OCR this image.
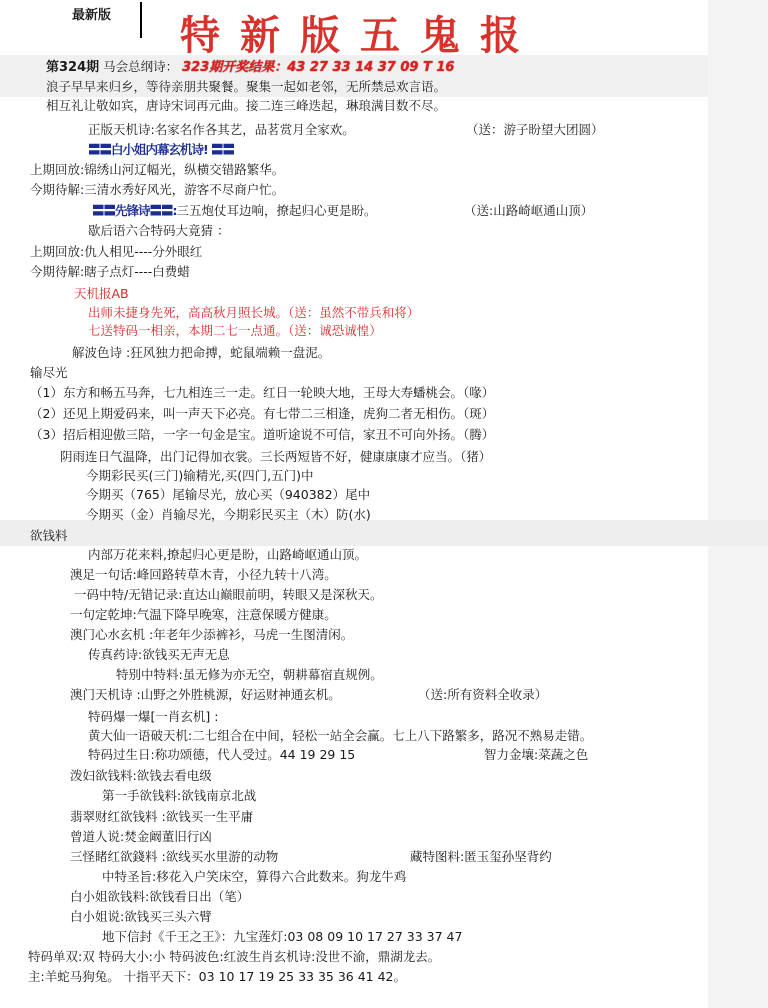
最新版	特新版五鬼报
第324期 马会总纲诗： 323期开奖结果：43 27 33 14 37 09 T 16
浪子早早来归乡，等待亲朋共聚餐。聚集一起如老邻，无所禁忌欢言语。
相互礼让敬如宾，唐诗宋词再元曲。接二连三峰迭起，琳琅满目数不尽。
正版天机诗:名家名作各其艺，品茗赏月全家欢。	（送：游子盼望大团圆）
〓〓白小姐内幕玄机诗! 〓〓
上期回放:锦绣山河辽幅光，纵横交错路繁华。
今期待解:三清水秀好风光，游客不尽商户忙。
〓〓先锋诗〓〓:三五炮仗耳边响，撩起归心更是盼。	（送:山路崎岖通山顶）
歇后语六合特码大竟猜 ：
上期回放:仇人相见----分外眼红
今期待解:瞎子点灯----白费蜡
天机报AB
出师未捷身先死，高高秋月照长城。（送：虽然不带兵和将）
七送特码一相亲，本期二七一点通。（送：诚恐诚惶）
解波色诗 :狂风独力把命搏，蛇鼠端赖一盘泥。
输尽光
（1）东方和畅五马奔，七九相连三一走。红日一轮映大地，王母大寿蟠桃会。（喙）
（2）还见上期爱码来，叫一声天下必亮。有七带二三相逢，虎狗二者无相伤。（斑）
（3）招后相迎傲三陪，一字一句金是宝。道听途说不可信，家丑不可向外扬。（腾）
阴雨连日气温降，出门记得加衣裳。三长两短皆不好，健康康康才应当。（猪）
今期彩民买(三门)输精光,买(四门,五门)中
今期买（765）尾输尽光，放心买（940382）尾中
今期买（金）肖输尽光，今期彩民买主（木）防(水)
欲钱料
内部万花来料,撩起归心更是盼，山路崎岖通山顶。
澳足一句话:峰回路转草木青，小径九转十八湾。
一码中特/无错记录:直达山巅眼前明，转眼又是深秋天。
一句定乾坤:气温下降早晚寒，注意保暖方健康。
澳门心水玄机 :年老年少添裤衫，马虎一生图清闲。
传真药诗:欲钱买无声无息
特别中特料:虽无修为亦无空，朝耕幕宿直规例。
澳门天机诗 :山野之外胜桃源，好运财神通玄机。	（送:所有资料全收录）
特码爆一爆[一肖玄机] :
黄大仙一语破天机:二七组合在中间，轻松一站全会赢。七上八下路繁多，路况不熟易走错。
特码过生日:称功颂德，代人受过。44 19 29 15	智力金壤:菜蔬之色
泼妇欲钱料:欲钱去看电级
第一手欲钱料:欲钱南京北战
翡翠财红欲钱料 :欲钱买一生平庸
曾道人说:焚金阚董旧行凶
三怪睹红欲錢料 :欲线买水里游的动物	藏特图料:匿玉玺孙坚背约
中特圣旨:移花入户笑床空，算得六合此数来。狗龙牛鸡
白小姐欲钱料:欲钱看日出（笔）
白小姐说:欲钱买三头六臂
地下信封《千王之王》：九宝莲灯:03 08 09 10 17 27 33 37 47
特码单双:双 特码大小:小 特码波色:红波生肖玄机诗:没世不渝，鼎湖龙去。
主:羊蛇马狗兔。 十指平天下：03 10 17 19 25 33 35 36 41 42。
